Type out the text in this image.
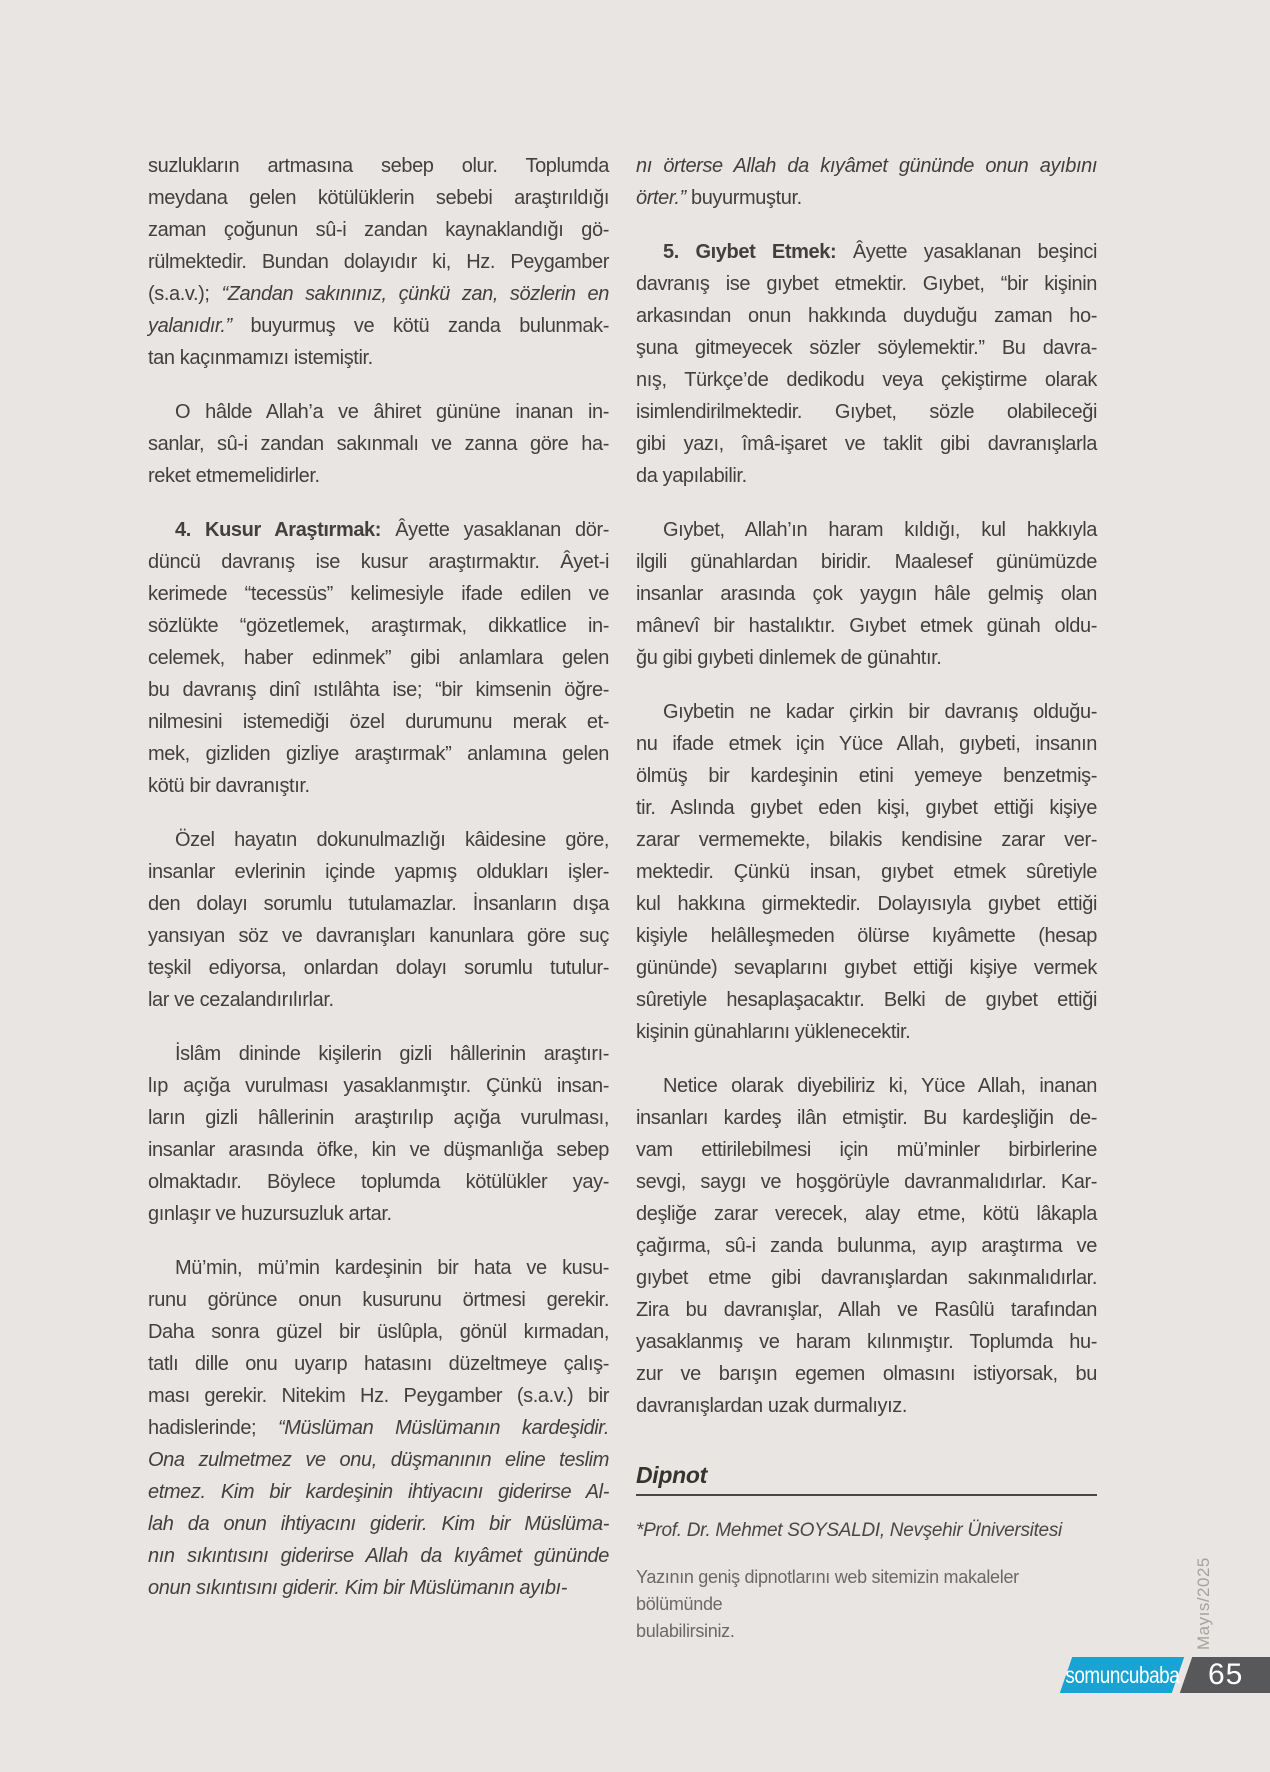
suzlukların artmasına sebep olur. Toplumda
meydana gelen kötülüklerin sebebi araştırıldığı
zaman çoğunun sû-i zandan kaynaklandığı gö-
rülmektedir. Bundan dolayıdır ki, Hz. Peygamber
(s.a.v.); “Zandan sakınınız, çünkü zan, sözlerin en
yalanıdır.” buyurmuş ve kötü zanda bulunmak-
tan kaçınmamızı istemiştir.
O hâlde Allah’a ve âhiret gününe inanan in-
sanlar, sû-i zandan sakınmalı ve zanna göre ha-
reket etmemelidirler.
4. Kusur Araştırmak: Âyette yasaklanan dör-
düncü davranış ise kusur araştırmaktır. Âyet-i
kerimede “tecessüs” kelimesiyle ifade edilen ve
sözlükte “gözetlemek, araştırmak, dikkatlice in-
celemek, haber edinmek” gibi anlamlara gelen
bu davranış dinî ıstılâhta ise; “bir kimsenin öğre-
nilmesini istemediği özel durumunu merak et-
mek, gizliden gizliye araştırmak” anlamına gelen
kötü bir davranıştır.
Özel hayatın dokunulmazlığı kâidesine göre,
insanlar evlerinin içinde yapmış oldukları işler-
den dolayı sorumlu tutulamazlar. İnsanların dışa
yansıyan söz ve davranışları kanunlara göre suç
teşkil ediyorsa, onlardan dolayı sorumlu tutulur-
lar ve cezalandırılırlar.
İslâm dininde kişilerin gizli hâllerinin araştırı-
lıp açığa vurulması yasaklanmıştır. Çünkü insan-
ların gizli hâllerinin araştırılıp açığa vurulması,
insanlar arasında öfke, kin ve düşmanlığa sebep
olmaktadır. Böylece toplumda kötülükler yay-
gınlaşır ve huzursuzluk artar.
Mü’min, mü’min kardeşinin bir hata ve kusu-
runu görünce onun kusurunu örtmesi gerekir.
Daha sonra güzel bir üslûpla, gönül kırmadan,
tatlı dille onu uyarıp hatasını düzeltmeye çalış-
ması gerekir. Nitekim Hz. Peygamber (s.a.v.) bir
hadislerinde; “Müslüman Müslümanın kardeşidir.
Ona zulmetmez ve onu, düşmanının eline teslim
etmez. Kim bir kardeşinin ihtiyacını giderirse Al-
lah da onun ihtiyacını giderir. Kim bir Müslüma-
nın sıkıntısını giderirse Allah da kıyâmet gününde
onun sıkıntısını giderir. Kim bir Müslümanın ayıbı-
nı örterse Allah da kıyâmet gününde onun ayıbını
örter.” buyurmuştur.
5. Gıybet Etmek: Âyette yasaklanan beşinci
davranış ise gıybet etmektir. Gıybet, “bir kişinin
arkasından onun hakkında duyduğu zaman ho-
şuna gitmeyecek sözler söylemektir.” Bu davra-
nış, Türkçe’de dedikodu veya çekiştirme olarak
isimlendirilmektedir. Gıybet, sözle olabileceği
gibi yazı, îmâ-işaret ve taklit gibi davranışlarla
da yapılabilir.
Gıybet, Allah’ın haram kıldığı, kul hakkıyla
ilgili günahlardan biridir. Maalesef günümüzde
insanlar arasında çok yaygın hâle gelmiş olan
mânevî bir hastalıktır. Gıybet etmek günah oldu-
ğu gibi gıybeti dinlemek de günahtır.
Gıybetin ne kadar çirkin bir davranış olduğu-
nu ifade etmek için Yüce Allah, gıybeti, insanın
ölmüş bir kardeşinin etini yemeye benzetmiş-
tir. Aslında gıybet eden kişi, gıybet ettiği kişiye
zarar vermemekte, bilakis kendisine zarar ver-
mektedir. Çünkü insan, gıybet etmek sûretiyle
kul hakkına girmektedir. Dolayısıyla gıybet ettiği
kişiyle helâlleşmeden ölürse kıyâmette (hesap
gününde) sevaplarını gıybet ettiği kişiye vermek
sûretiyle hesaplaşacaktır. Belki de gıybet ettiği
kişinin günahlarını yüklenecektir.
Netice olarak diyebiliriz ki, Yüce Allah, inanan
insanları kardeş ilân etmiştir. Bu kardeşliğin de-
vam ettirilebilmesi için mü’minler birbirlerine
sevgi, saygı ve hoşgörüyle davranmalıdırlar. Kar-
deşliğe zarar verecek, alay etme, kötü lâkapla
çağırma, sû-i zanda bulunma, ayıp araştırma ve
gıybet etme gibi davranışlardan sakınmalıdırlar.
Zira bu davranışlar, Allah ve Rasûlü tarafından
yasaklanmış ve haram kılınmıştır. Toplumda hu-
zur ve barışın egemen olmasını istiyorsak, bu
davranışlardan uzak durmalıyız.
Dipnot
*Prof. Dr. Mehmet SOYSALDI, Nevşehir Üniversitesi
Yazının geniş dipnotlarını web sitemizin makaleler bölümünde
bulabilirsiniz.	Mayıs/2025
somuncubaba 65
